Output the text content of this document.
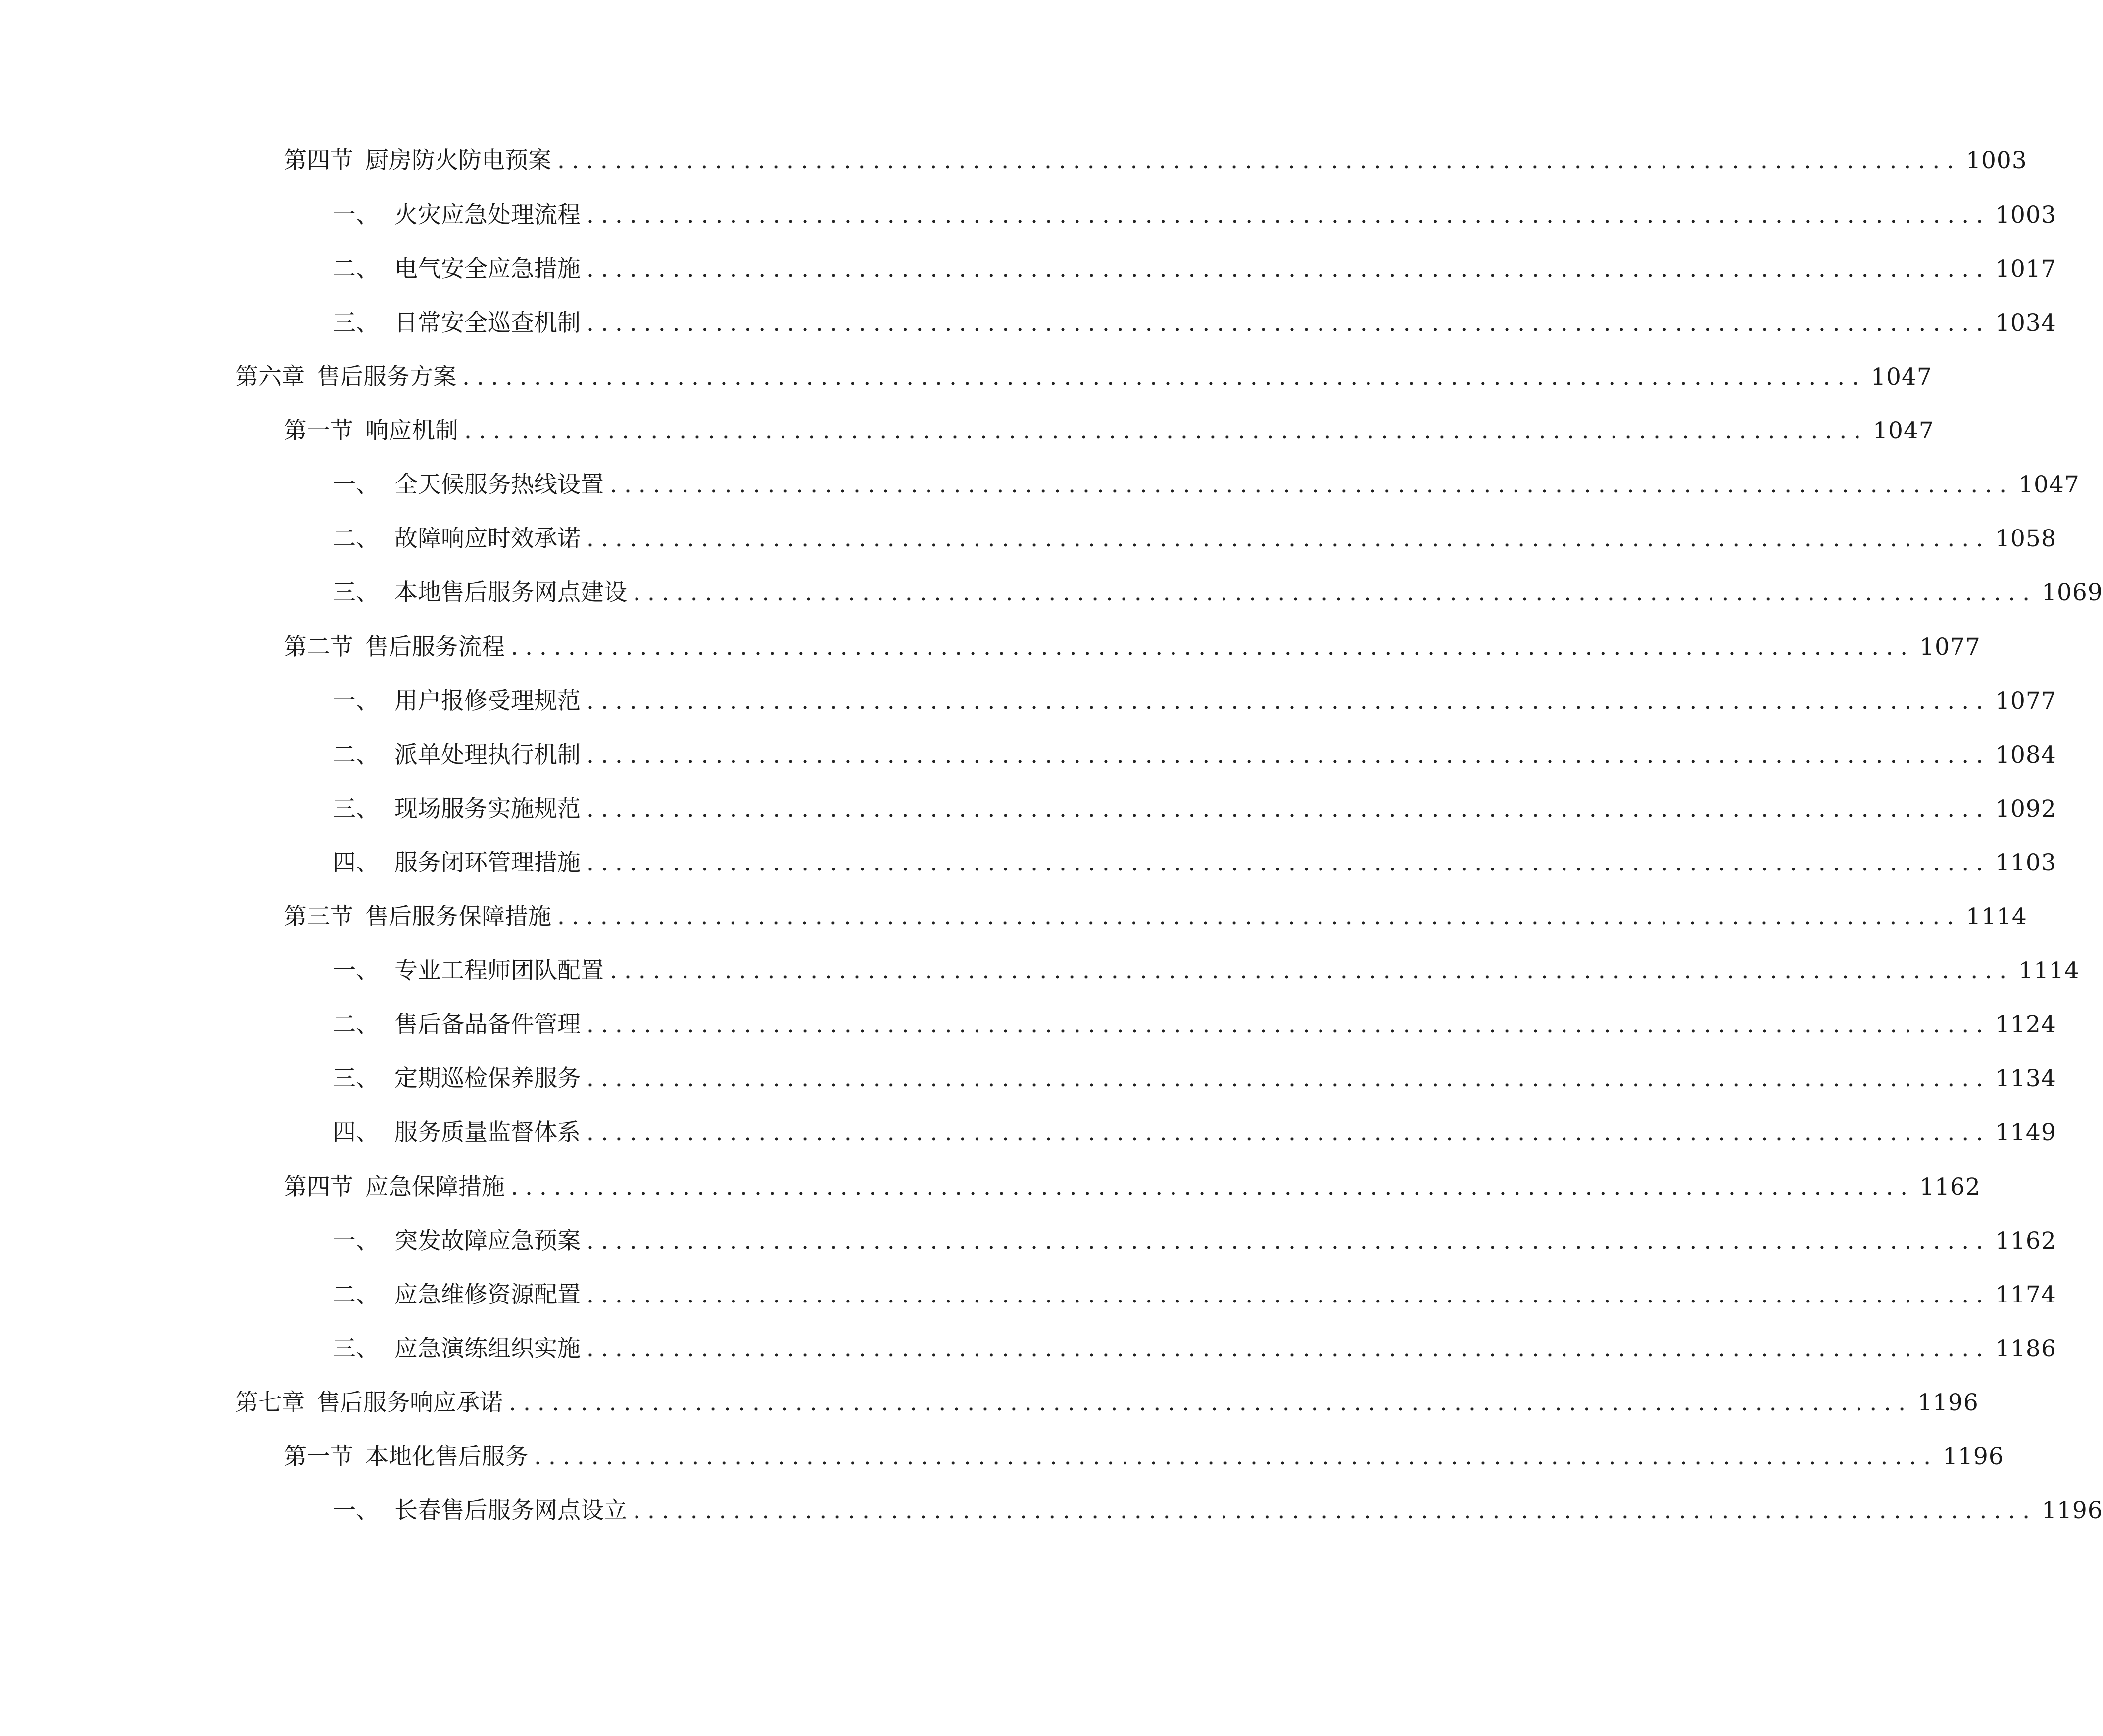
第四节 厨房防火防电预案 .................................................................................................. 1003
一、 火灾应急处理流程 .................................................................................................. 1003
二、 电气安全应急措施 .................................................................................................. 1017
三、 日常安全巡查机制 .................................................................................................. 1034
第六章 售后服务方案 .................................................................................................. 1047
第一节 响应机制 .................................................................................................. 1047
一、 全天候服务热线设置 .................................................................................................. 1047
二、 故障响应时效承诺 .................................................................................................. 1058
三、 本地售后服务网点建设 .................................................................................................. 1069
第二节 售后服务流程 .................................................................................................. 1077
一、 用户报修受理规范 .................................................................................................. 1077
二、 派单处理执行机制 .................................................................................................. 1084
三、 现场服务实施规范 .................................................................................................. 1092
四、 服务闭环管理措施 .................................................................................................. 1103
第三节 售后服务保障措施 .................................................................................................. 1114
一、 专业工程师团队配置 .................................................................................................. 1114
二、 售后备品备件管理 .................................................................................................. 1124
三、 定期巡检保养服务 .................................................................................................. 1134
四、 服务质量监督体系 .................................................................................................. 1149
第四节 应急保障措施 .................................................................................................. 1162
一、 突发故障应急预案 .................................................................................................. 1162
二、 应急维修资源配置 .................................................................................................. 1174
三、 应急演练组织实施 .................................................................................................. 1186
第七章 售后服务响应承诺 .................................................................................................. 1196
第一节 本地化售后服务 .................................................................................................. 1196
一、 长春售后服务网点设立 .................................................................................................. 1196
